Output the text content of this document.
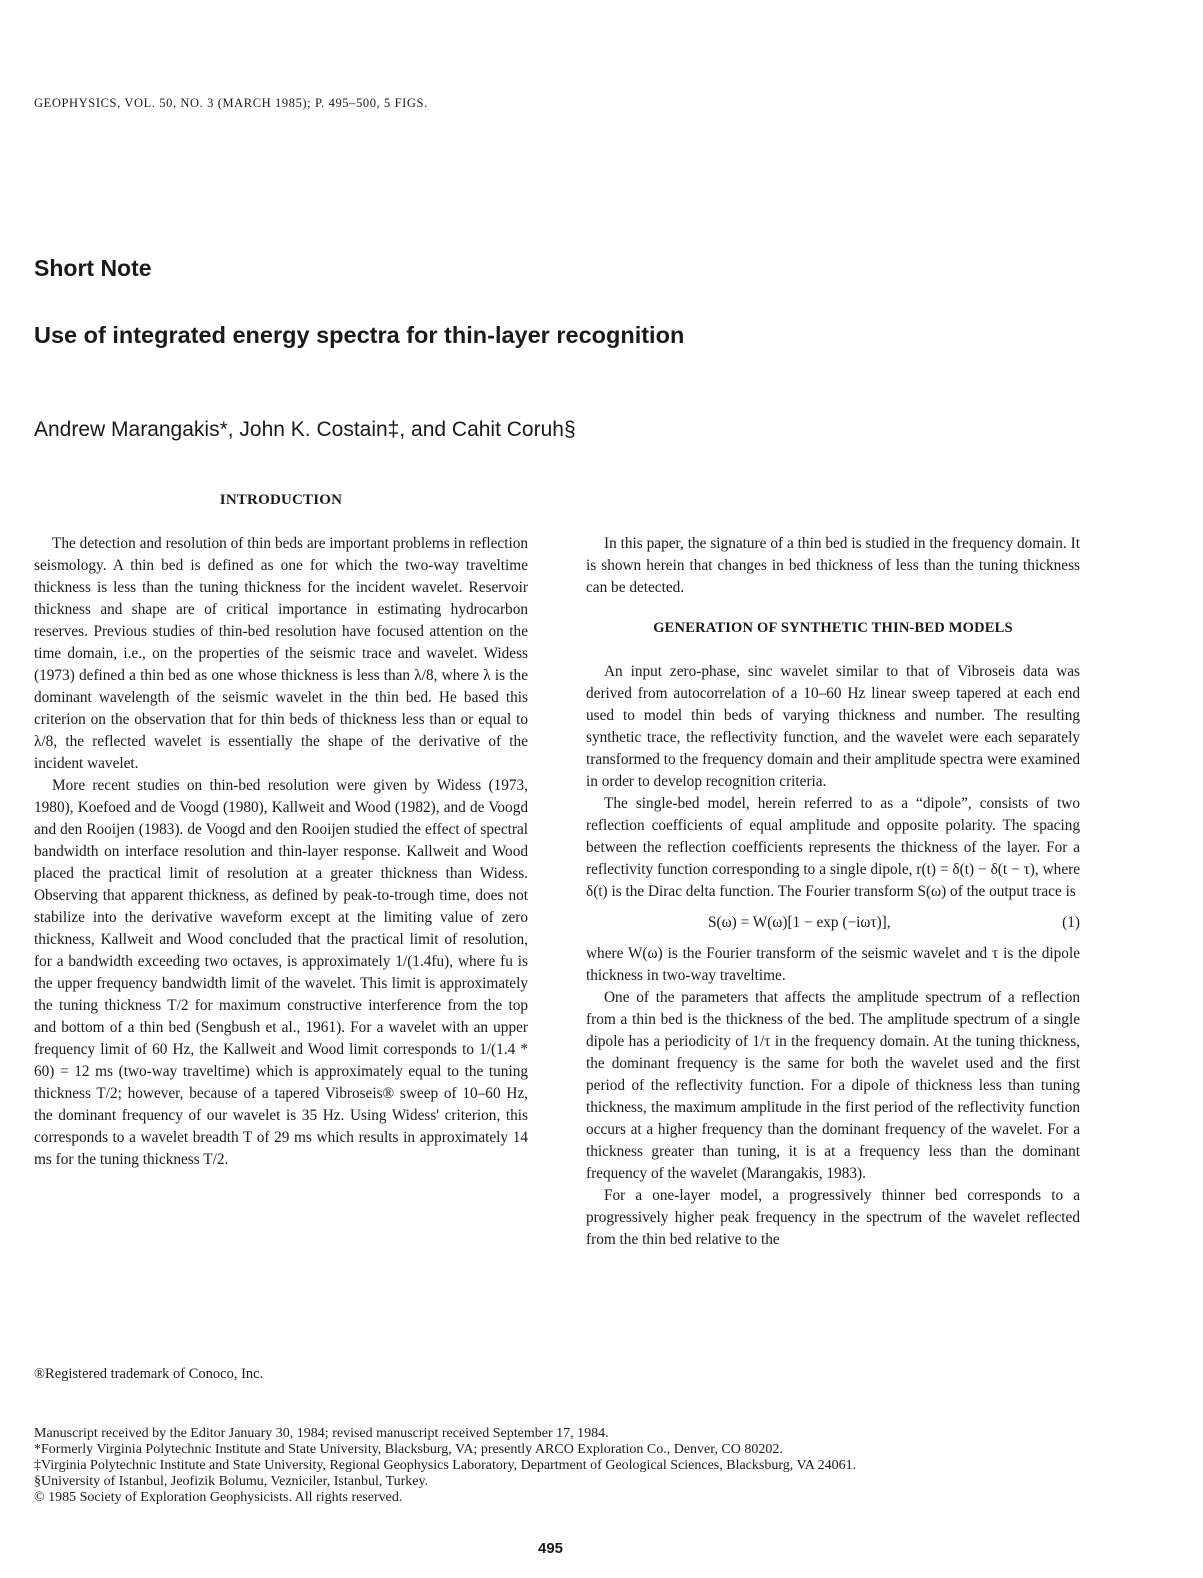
GEOPHYSICS, VOL. 50, NO. 3 (MARCH 1985); P. 495–500, 5 FIGS.
Short Note
Use of integrated energy spectra for thin-layer recognition
Andrew Marangakis*, John K. Costain‡, and Cahit Coruh§
INTRODUCTION

The detection and resolution of thin beds are important problems in reflection seismology. A thin bed is defined as one for which the two-way traveltime thickness is less than the tuning thickness for the incident wavelet. Reservoir thickness and shape are of critical importance in estimating hydrocarbon reserves. Previous studies of thin-bed resolution have focused attention on the time domain, i.e., on the properties of the seismic trace and wavelet. Widess (1973) defined a thin bed as one whose thickness is less than λ/8, where λ is the dominant wavelength of the seismic wavelet in the thin bed. He based this criterion on the observation that for thin beds of thickness less than or equal to λ/8, the reflected wavelet is essentially the shape of the derivative of the incident wavelet.

More recent studies on thin-bed resolution were given by Widess (1973, 1980), Koefoed and de Voogd (1980), Kallweit and Wood (1982), and de Voogd and den Rooijen (1983). de Voogd and den Rooijen studied the effect of spectral bandwidth on interface resolution and thin-layer response. Kallweit and Wood placed the practical limit of resolution at a greater thickness than Widess. Observing that apparent thickness, as defined by peak-to-trough time, does not stabilize into the derivative waveform except at the limiting value of zero thickness, Kallweit and Wood concluded that the practical limit of resolution, for a bandwidth exceeding two octaves, is approximately 1/(1.4fu), where fu is the upper frequency bandwidth limit of the wavelet. This limit is approximately the tuning thickness T/2 for maximum constructive interference from the top and bottom of a thin bed (Sengbush et al., 1961). For a wavelet with an upper frequency limit of 60 Hz, the Kallweit and Wood limit corresponds to 1/(1.4 * 60) = 12 ms (two-way traveltime) which is approximately equal to the tuning thickness T/2; however, because of a tapered Vibroseis® sweep of 10–60 Hz, the dominant frequency of our wavelet is 35 Hz. Using Widess' criterion, this corresponds to a wavelet breadth T of 29 ms which results in approximately 14 ms for the tuning thickness T/2.

®Registered trademark of Conoco, Inc.

In this paper, the signature of a thin bed is studied in the frequency domain. It is shown herein that changes in bed thickness of less than the tuning thickness can be detected.

GENERATION OF SYNTHETIC THIN-BED MODELS

An input zero-phase, sinc wavelet similar to that of Vibroseis data was derived from autocorrelation of a 10–60 Hz linear sweep tapered at each end used to model thin beds of varying thickness and number. The resulting synthetic trace, the reflectivity function, and the wavelet were each separately transformed to the frequency domain and their amplitude spectra were examined in order to develop recognition criteria.

The single-bed model, herein referred to as a “dipole”, consists of two reflection coefficients of equal amplitude and opposite polarity. The spacing between the reflection coefficients represents the thickness of the layer. For a reflectivity function corresponding to a single dipole, r(t) = δ(t) − δ(t − τ), where δ(t) is the Dirac delta function. The Fourier transform S(ω) of the output trace is

S(ω) = W(ω)[1 − exp (−iωτ)],	(1)

where W(ω) is the Fourier transform of the seismic wavelet and τ is the dipole thickness in two-way traveltime.

One of the parameters that affects the amplitude spectrum of a reflection from a thin bed is the thickness of the bed. The amplitude spectrum of a single dipole has a periodicity of 1/τ in the frequency domain. At the tuning thickness, the dominant frequency is the same for both the wavelet used and the first period of the reflectivity function. For a dipole of thickness less than tuning thickness, the maximum amplitude in the first period of the reflectivity function occurs at a higher frequency than the dominant frequency of the wavelet. For a thickness greater than tuning, it is at a frequency less than the dominant frequency of the wavelet (Marangakis, 1983).

For a one-layer model, a progressively thinner bed corresponds to a progressively higher peak frequency in the spectrum of the wavelet reflected from the thin bed relative to the

Manuscript received by the Editor January 30, 1984; revised manuscript received September 17, 1984.
*Formerly Virginia Polytechnic Institute and State University, Blacksburg, VA; presently ARCO Exploration Co., Denver, CO 80202.
‡Virginia Polytechnic Institute and State University, Regional Geophysics Laboratory, Department of Geological Sciences, Blacksburg, VA 24061.
§University of Istanbul, Jeofizik Bolumu, Vezniciler, Istanbul, Turkey.
© 1985 Society of Exploration Geophysicists. All rights reserved.
495
